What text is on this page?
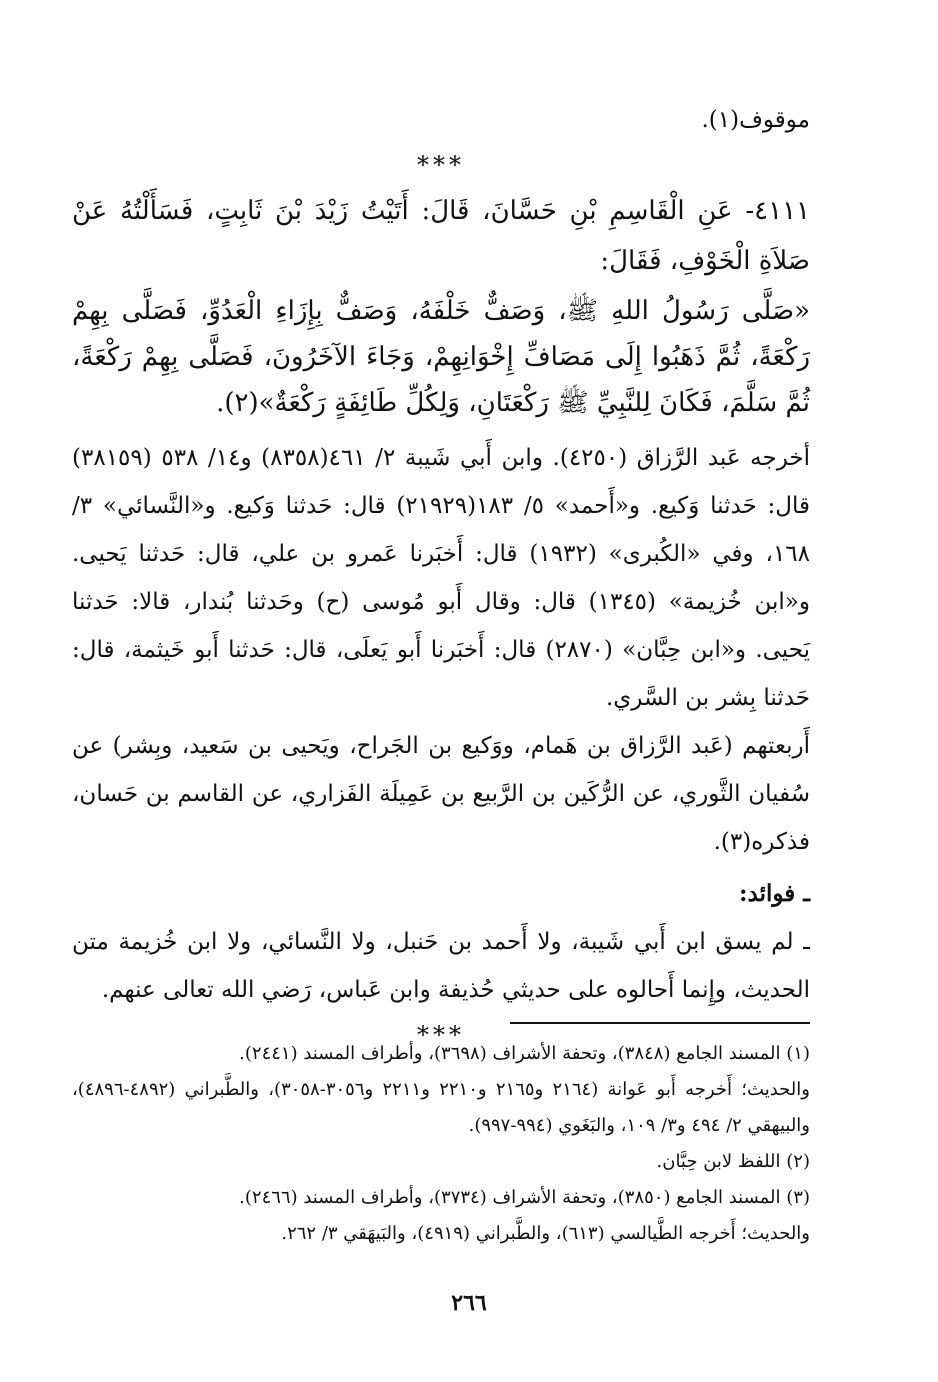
موقوف(١).

***

٤١١١- عَنِ الْقَاسِمِ بْنِ حَسَّانَ، قَالَ: أَتَيْتُ زَيْدَ بْنَ ثَابِتٍ، فَسَأَلْتُهُ عَنْ صَلاَةِ الْخَوْفِ، فَقَالَ:

«صَلَّى رَسُولُ اللهِ ﷺ، وَصَفٌّ خَلْفَهُ، وَصَفٌّ بِإِزَاءِ الْعَدُوِّ، فَصَلَّى بِهِمْ رَكْعَةً، ثُمَّ ذَهَبُوا إِلَى مَصَافِّ إِخْوَانِهِمْ، وَجَاءَ الآخَرُونَ، فَصَلَّى بِهِمْ رَكْعَةً، ثُمَّ سَلَّمَ، فَكَانَ لِلنَّبِيِّ ﷺ رَكْعَتَانِ، وَلِكُلِّ طَائِفَةٍ رَكْعَةٌ»(٢).

أخرجه عَبد الرَّزاق (٤٢٥٠). وابن أَبي شَيبة ٢/ ٤٦١(٨٣٥٨) و١٤/ ٥٣٨ (٣٨١٥٩) قال: حَدثنا وَكيع. و«أَحمد» ٥/ ١٨٣(٢١٩٢٩) قال: حَدثنا وَكيع. و«النَّسائي» ٣/ ١٦٨، وفي «الكُبرى» (١٩٣٢) قال: أَخبَرنا عَمرو بن علي، قال: حَدثنا يَحيى. و«ابن خُزيمة» (١٣٤٥) قال: وقال أَبو مُوسى (ح) وحَدثنا بُندار، قالا: حَدثنا يَحيى. و«ابن حِبَّان» (٢٨٧٠) قال: أَخبَرنا أَبو يَعلَى، قال: حَدثنا أَبو خَيثمة، قال: حَدثنا بِشر بن السَّري.

أَربعتهم (عَبد الرَّزاق بن هَمام، ووَكيع بن الجَراح، ويَحيى بن سَعيد، وبِشر) عن سُفيان الثَّوري، عن الرُّكَين بن الرَّبيع بن عَمِيلَة الفَزاري، عن القاسم بن حَسان، فذكره(٣).

ـ فوائد:

ـ لم يسق ابن أَبي شَيبة، ولا أَحمد بن حَنبل، ولا النَّسائي، ولا ابن خُزيمة متن الحديث، وإِنما أَحالوه على حديثي حُذيفة وابن عَباس، رَضي الله تعالى عنهم.

***

(١) المسند الجامع (٣٨٤٨)، وتحفة الأشراف (٣٦٩٨)، وأطراف المسند (٢٤٤١).

والحديث؛ أَخرجه أَبو عَوانة (٢١٦٤ و٢١٦٥ و٢٢١٠ و٢٢١١ و٣٠٥٦-٣٠٥٨)، والطَّبراني (٤٨٩٢-٤٨٩٦)، والبيهقي ٢/ ٤٩٤ و٣/ ١٠٩، والبَغَوي (٩٩٤-٩٩٧).

(٢) اللفظ لابن حِبَّان.

(٣) المسند الجامع (٣٨٥٠)، وتحفة الأشراف (٣٧٣٤)، وأطراف المسند (٢٤٦٦).

والحديث؛ أَخرجه الطَّيالسي (٦١٣)، والطَّبراني (٤٩١٩)، والبَيهَقي ٣/ ٢٦٢.

٢٦٦
